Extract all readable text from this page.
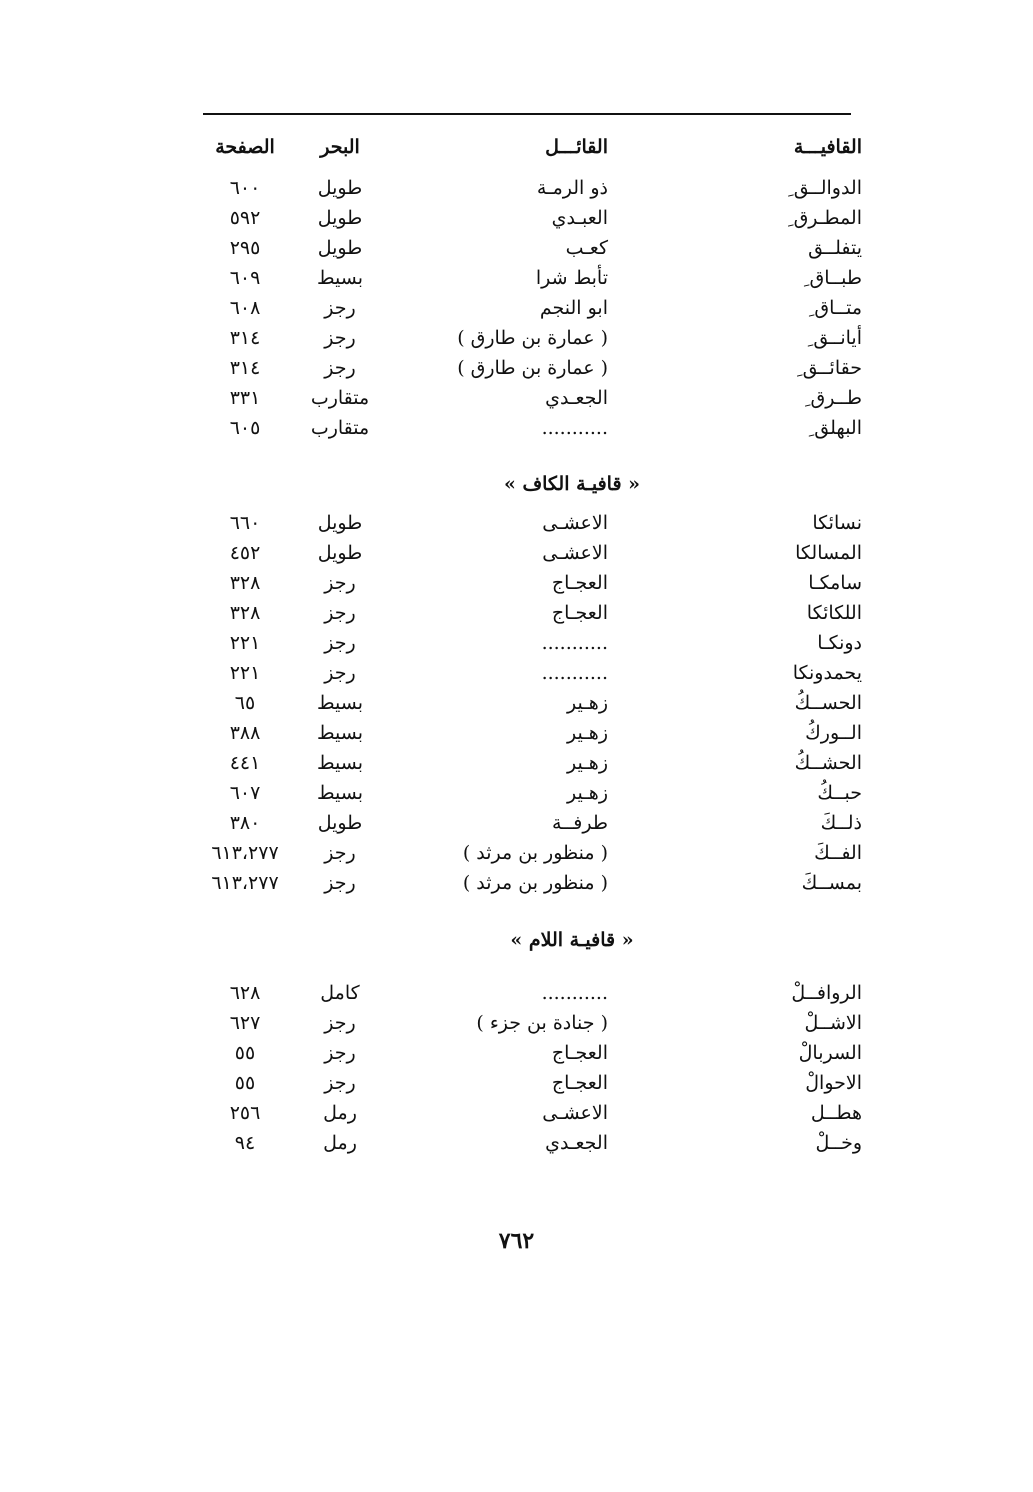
القافيـــة
القائـــل
البحر
الصفحة
الدوالــق ِ
ذو الرمـة
طويل
٦٠٠
المطـرق ِ
العبـدي
طويل
٥٩٢
يتفلــق
كعـب
طويل
٢٩٥
طبــاق ِ
تأبط شرا
بسيط
٦٠٩
متــاق ِ
ابو النجم
رجز
٦٠٨
أيانــق ِ
( عمارة بن طارق )
رجز
٣١٤
حقائــق ِ
( عمارة بن طارق )
رجز
٣١٤
طــرق ِ
الجعـدي
متقارب
٣٣١
البهلق ِ
...........
متقارب
٦٠٥
« قافيـة الكاف »
نسائكا
الاعشـى
طويل
٦٦٠
المسالكا
الاعشـى
طويل
٤٥٢
سامكـا
العجـاج
رجز
٣٢٨
اللكائكا
العجـاج
رجز
٣٢٨
دونكـا
...........
رجز
٢٢١
يحمدونكا
...........
رجز
٢٢١
الحســكُ
زهـير
بسيط
٦٥
الــوركُ
زهـير
بسيط
٣٨٨
الحشــكُ
زهـير
بسيط
٤٤١
حبــكُ
زهـير
بسيط
٦٠٧
ذلــكَ
طرفــة
طويل
٣٨٠
الفــكَ
( منظور بن مرثد )
رجز
٦١٣،٢٧٧
بمســكَ
( منظور بن مرثد )
رجز
٦١٣،٢٧٧
« قافيـة اللام »
الروافــلْ
...........
كامل
٦٢٨
الاشــلْ
( جنادة بن جزء )
رجز
٦٢٧
السربالْ
العجـاج
رجز
٥٥
الاحوالْ
العجـاج
رجز
٥٥
هطــل
الاعشـى
رمل
٢٥٦
وخــلْ
الجعـدي
رمل
٩٤
٧٦٢
